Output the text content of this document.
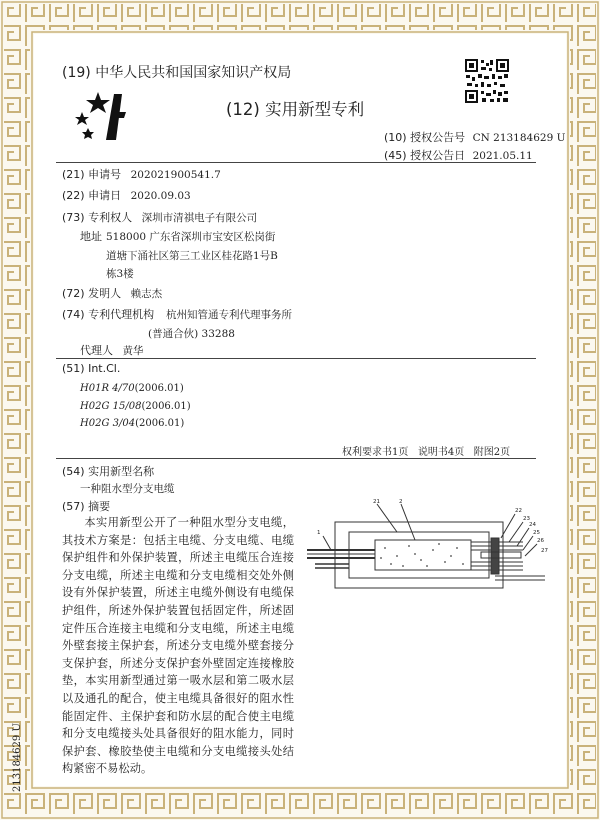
(19) 中华人民共和国国家知识产权局
(12) 实用新型专利
(10) 授权公告号 CN 213184629 U
(45) 授权公告日 2021.05.11
(21) 申请号 202021900541.7
(22) 申请日 2020.09.03
(73) 专利权人 深圳市清祺电子有限公司
地址 518000 广东省深圳市宝安区松岗街
道塘下涌社区第三工业区桂花路1号B
栋3楼
(72) 发明人 赖志杰
(74) 专利代理机构 杭州知管通专利代理事务所
(普通合伙) 33288
代理人 黄华
(51) Int.Cl.
H01R 4/70(2006.01)
H02G 15/08(2006.01)
H02G 3/04(2006.01)
权利要求书1页   说明书4页   附图2页
(54) 实用新型名称
一种阻水型分支电缆
(57) 摘要
本实用新型公开了一种阻水型分支电缆，其技术方案是：包括主电缆、分支电缆、电缆保护组件和外保护装置，所述主电缆压合连接分支电缆，所述主电缆和分支电缆相交处外侧设有外保护装置，所述主电缆外侧设有电缆保护组件，所述外保护装置包括固定件，所述固定件压合连接主电缆和分支电缆，所述主电缆外壁套接主保护套，所述分支电缆外壁套接分支保护套，所述分支保护套外壁固定连接橡胶垫，本实用新型通过第一吸水层和第二吸水层以及通孔的配合，使主电缆具备很好的阻水性能固定件、主保护套和防水层的配合使主电缆和分支电缆接头处具备很好的阻水能力，同时保护套、橡胶垫使主电缆和分支电缆接头处结构紧密不易松动。
21	2
1
22
23
24
25
26
27
213184629 U
